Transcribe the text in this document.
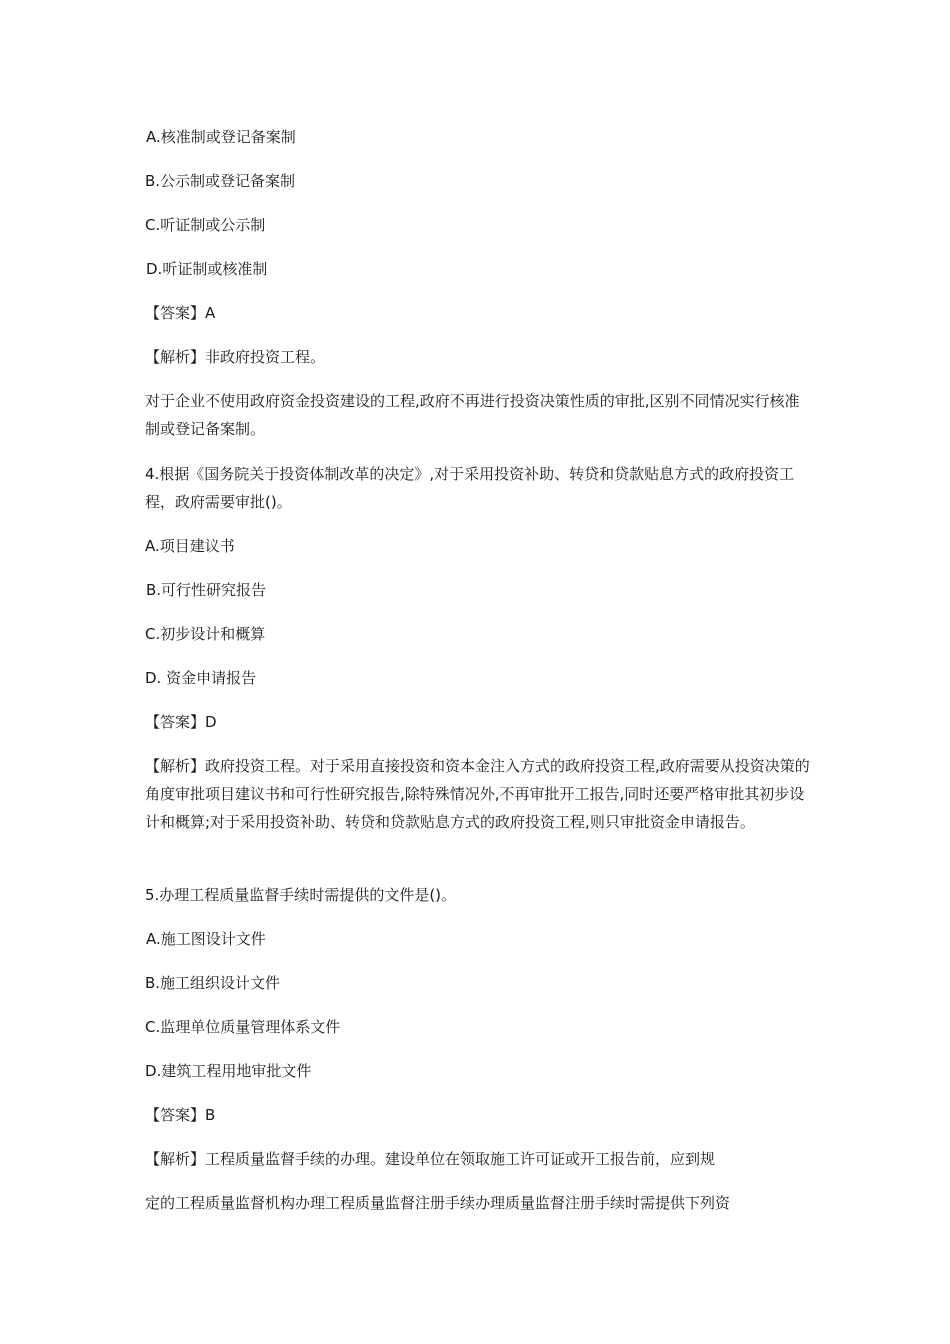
A.核准制或登记备案制
B.公示制或登记备案制
C.听证制或公示制
D.听证制或核准制
【答案】A
【解析】非政府投资工程。
对于企业不使用政府资金投资建设的工程,政府不再进行投资决策性质的审批,区别不同情况实行核准制或登记备案制。
4.根据《国务院关于投资体制改革的决定》,对于采用投资补助、转贷和贷款贴息方式的政府投资工程，政府需要审批()。
A.项目建议书
B.可行性研究报告
C.初步设计和概算
D. 资金申请报告
【答案】D
【解析】政府投资工程。对于采用直接投资和资本金注入方式的政府投资工程,政府需要从投资决策的角度审批项目建议书和可行性研究报告,除特殊情况外,不再审批开工报告,同时还要严格审批其初步设计和概算;对于采用投资补助、转贷和贷款贴息方式的政府投资工程,则只审批资金申请报告。
5.办理工程质量监督手续时需提供的文件是()。
A.施工图设计文件
B.施工组织设计文件
C.监理单位质量管理体系文件
D.建筑工程用地审批文件
【答案】B
【解析】工程质量监督手续的办理。建设单位在领取施工许可证或开工报告前，应到规
定的工程质量监督机构办理工程质量监督注册手续办理质量监督注册手续时需提供下列资
